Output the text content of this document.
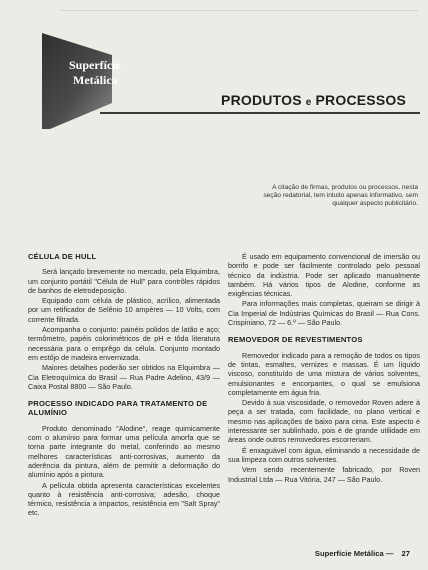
Superfície
Metálica
PRODUTOS e PROCESSOS
A citação de firmas, produtos ou processos, nesta seção redatorial, tem intuito apenas informativo, sem qualquer aspecto publicitário.
CÉLULA DE HULL
Será lançado brevemente no mercado, pela Elquimbra, um conjunto portátil "Célula de Hull" para contrôles rápidos de banhos de eletrodeposição.
Equipado com célula de plástico, acrílico, alimentada por um retificador de Selênio 10 ampères — 10 Volts, com corrente filtrada.
Acompanha o conjunto: painéis polidos de latão e aço; termômetro, papéis colorimétricos de pH e tôda literatura necessária para o emprêgo da célula. Conjunto montado em estôjo de madeira envernizada.
Maiores detalhes poderão ser obtidos na Elquimbra — Cia Eletroquímica do Brasil — Rua Padre Adelino, 43/9 — Caixa Postal 8800 — São Paulo.
PROCESSO INDICADO PARA TRATAMENTO DE ALUMÍNIO
Produto denominado "Alodine", reage quimicamente com o alumínio para formar uma película amorfa que se torna parte integrante do metal, conferindo ao mesmo melhores características anti-corrosivas, aumento da aderência da pintura, além de permitir a deformação do alumínio após a pintura.
A película obtida apresenta características excelentes quanto à resistência anti-corrosiva; adesão, choque térmico, resistência a impactos, resistência em "Salt Spray" etc.
É usado em equipamento convencional de imersão ou borrifo e pode ser fàcilmente controlado pelo pessoal técnico da indústria. Pode ser aplicado manualmente também. Há vários tipos de Alodine, conforme as exigências técnicas.
Para informações mais completas, queiram se dirigir à Cia Imperial de Indústrias Químicas do Brasil — Rua Cons. Crispiniano, 72 — 6.º — São Paulo.
REMOVEDOR DE REVESTIMENTOS
Removedor indicado para a remoção de todos os tipos de tintas, esmaltes, vernizes e massas. É um líquido viscoso, constituído de uma mistura de vários solventes, emulsionantes e encorpantes, o qual se emulsiona completamente em água fria.
Devido à sua viscosidade, o removedor Roven adere à peça a ser tratada, com facilidade, no plano vertical e mesmo nas aplicações de baixo para cima. Este aspecto é interessante ser sublinhado, pois é de grande utilidade em áreas onde outros removedores escorreriam.
É enxaguável com água, eliminando a necessidade de sua limpeza com outros solventes.
Vem sendo recentemente fabricado, por Roven Industrial Ltda — Rua Vitória, 247 — São Paulo.
Superfície Metálica — 27
